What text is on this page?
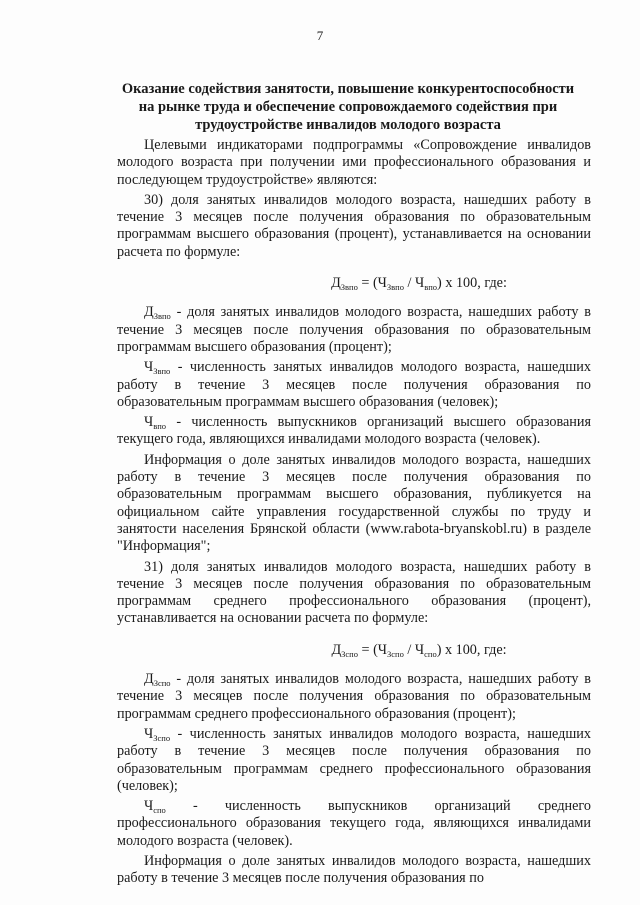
7
Оказание содействия занятости, повышение конкурентоспособности
на рынке труда и обеспечение сопровождаемого содействия при
трудоустройстве инвалидов молодого возраста

Целевыми индикаторами подпрограммы «Сопровождение инвалидов молодого возраста при получении ими профессионального образования и последующем трудоустройстве» являются:

30) доля занятых инвалидов молодого возраста, нашедших работу в течение 3 месяцев после получения образования по образовательным программам высшего образования (процент), устанавливается на основании расчета по формуле:

$Д_{Звпо} = (Ч_{Звпо} / Ч_{впо})$ х 100, где:

$Д_{Звпо}$ - доля занятых инвалидов молодого возраста, нашедших работу в течение 3 месяцев после получения образования по образовательным программам высшего образования (процент);

$Ч_{Звпо}$ - численность занятых инвалидов молодого возраста, нашедших работу в течение 3 месяцев после получения образования по образовательным программам высшего образования (человек);

$Ч_{впо}$ - численность выпускников организаций высшего образования текущего года, являющихся инвалидами молодого возраста (человек).

Информация о доле занятых инвалидов молодого возраста, нашедших работу в течение 3 месяцев после получения образования по образовательным программам высшего образования, публикуется на официальном сайте управления государственной службы по труду и занятости населения Брянской области (www.rabota-bryanskobl.ru) в разделе "Информация";

31) доля занятых инвалидов молодого возраста, нашедших работу в течение 3 месяцев после получения образования по образовательным программам среднего профессионального образования (процент), устанавливается на основании расчета по формуле:

$Д_{Зспо} = (Ч_{Зспо} / Ч_{спо})$ х 100, где:

$Д_{Зспо}$ - доля занятых инвалидов молодого возраста, нашедших работу в течение 3 месяцев после получения образования по образовательным программам среднего профессионального образования (процент);

$Ч_{Зспо}$ - численность занятых инвалидов молодого возраста, нашедших работу в течение 3 месяцев после получения образования по образовательным программам среднего профессионального образования (человек);

$Ч_{спо}$ - численность выпускников организаций среднего профессионального образования текущего года, являющихся инвалидами молодого возраста (человек).

Информация о доле занятых инвалидов молодого возраста, нашедших работу в течение 3 месяцев после получения образования по
